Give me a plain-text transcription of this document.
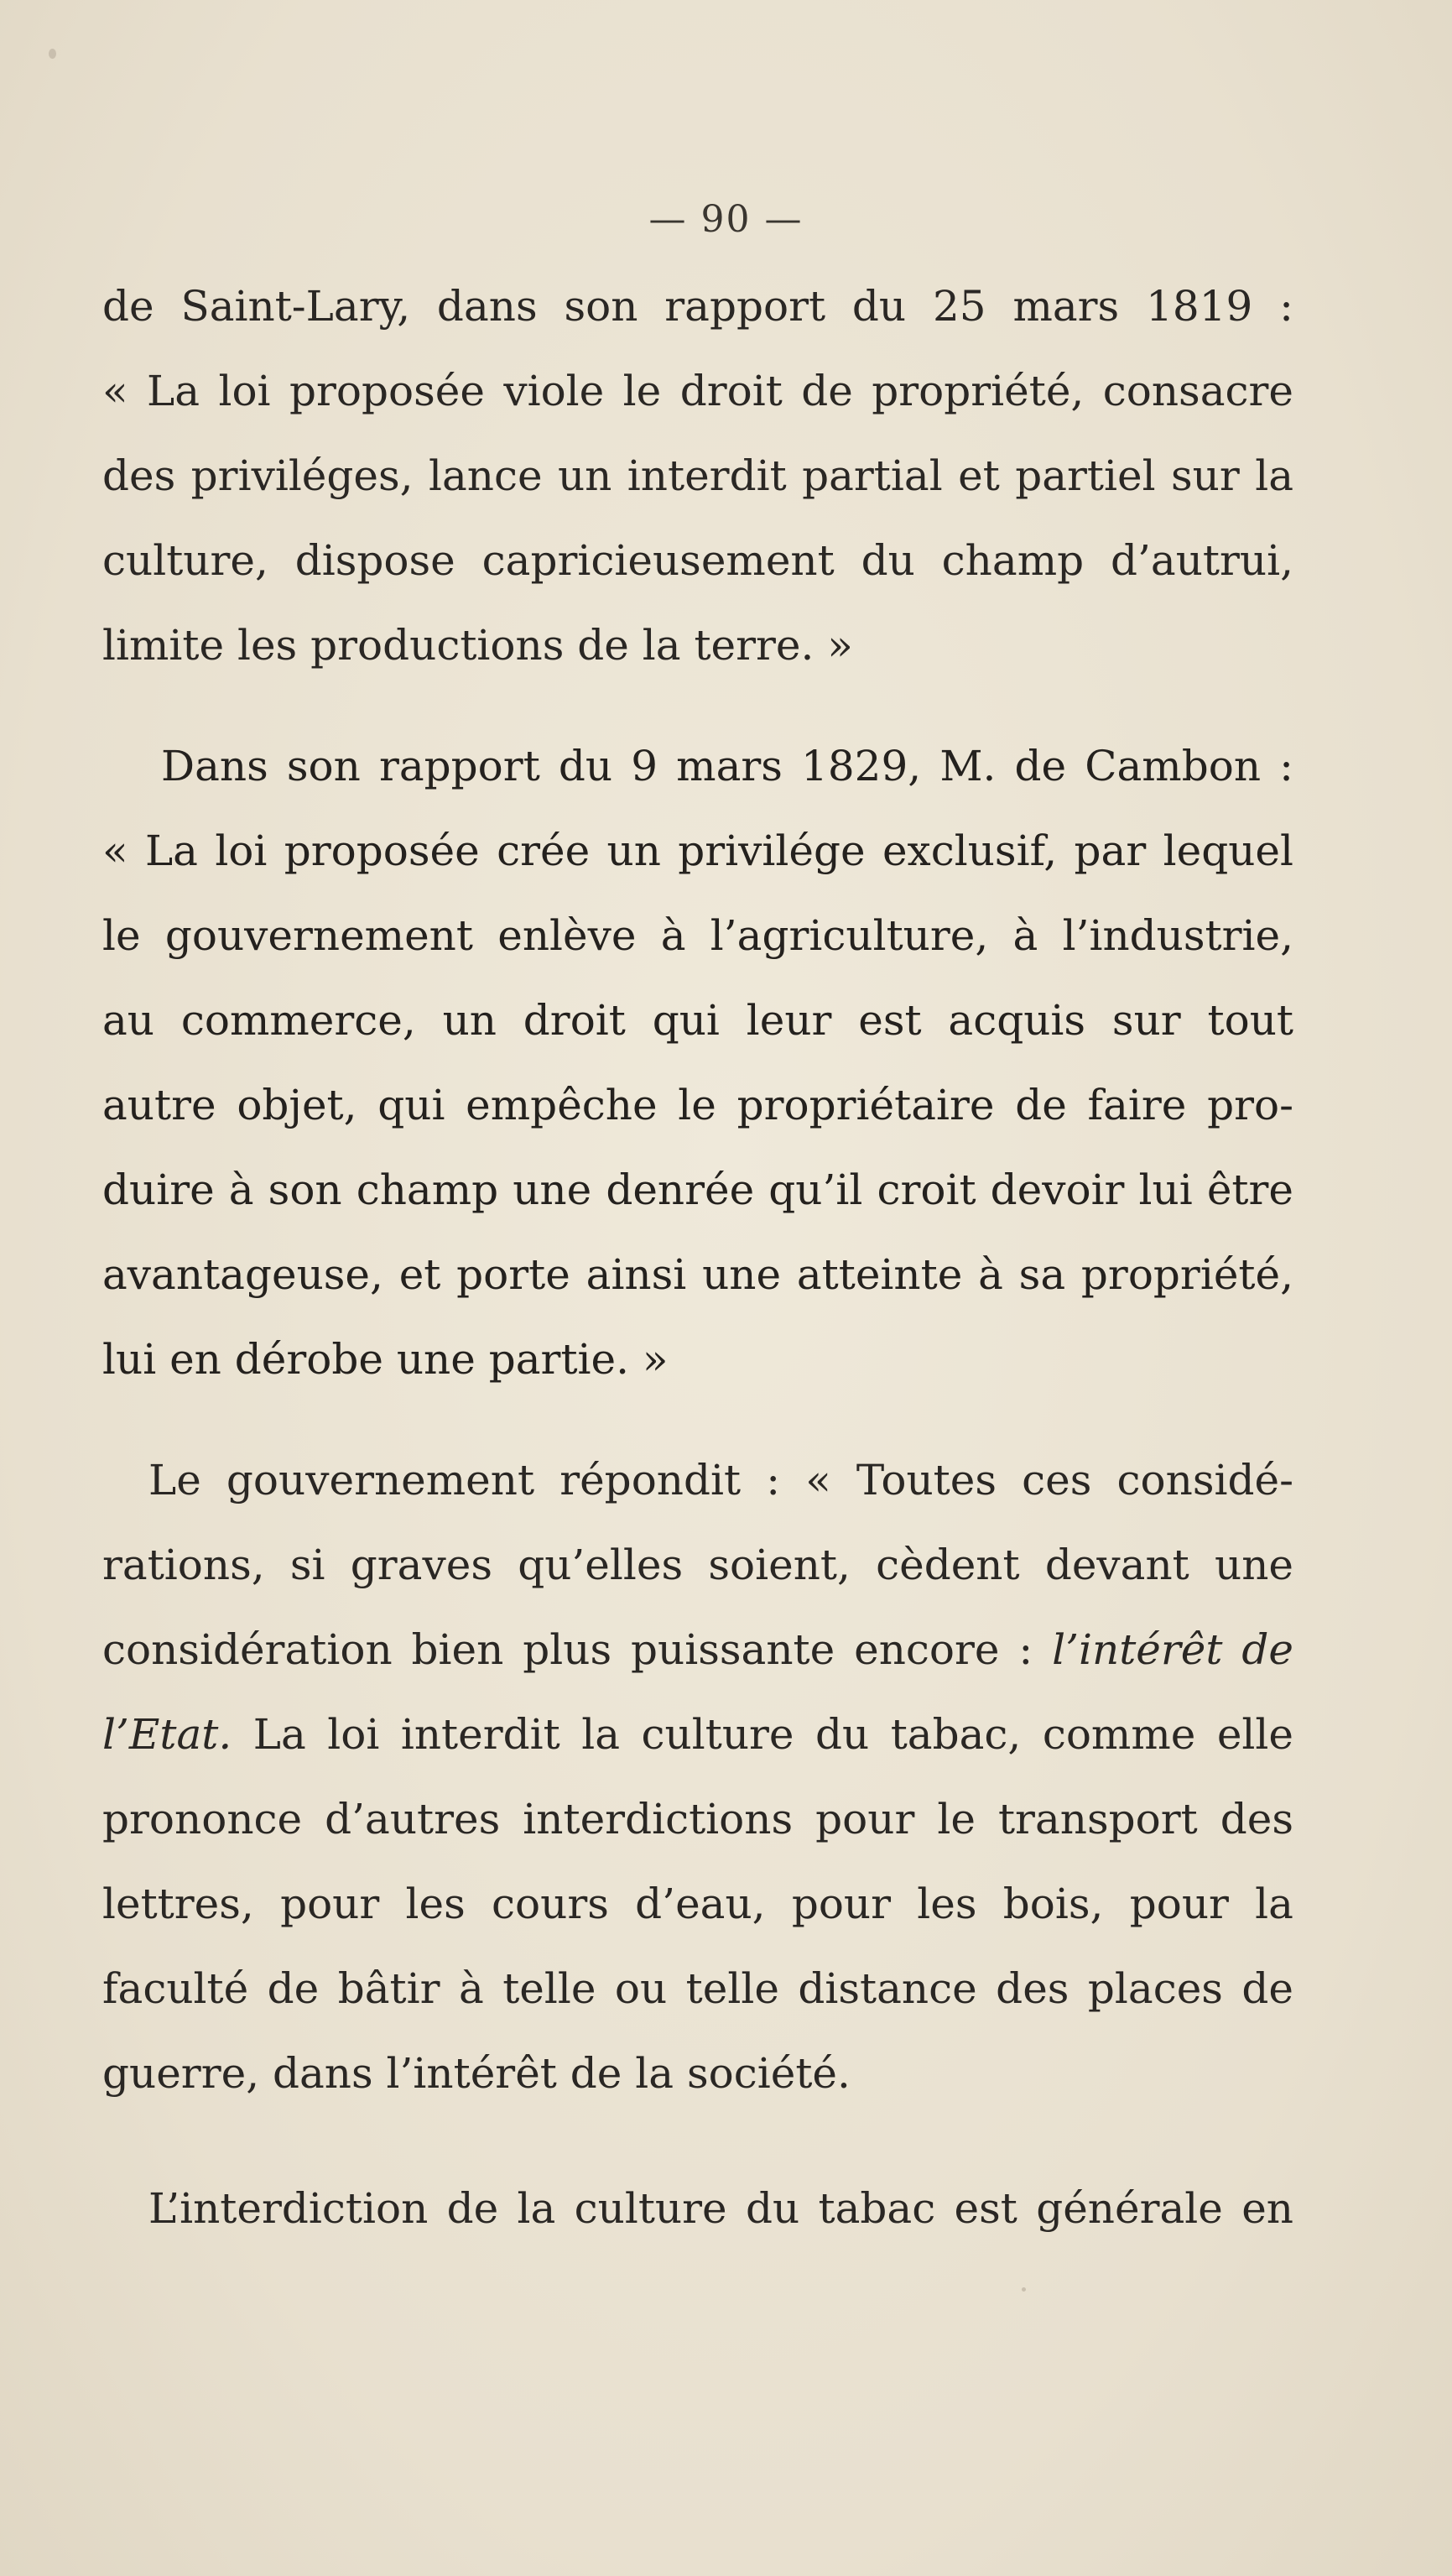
— 90 —
de Saint-Lary, dans son rapport du 25 mars 1819 :
« La loi proposée viole le droit de propriété, consacre
des priviléges, lance un interdit partial et partiel sur la
culture, dispose capricieusement du champ d’autrui,
limite les productions de la terre. »
Dans son rapport du 9 mars 1829, M. de Cambon :
« La loi proposée crée un privilége exclusif, par lequel
le gouvernement enlève à l’agriculture, à l’industrie,
au commerce, un droit qui leur est acquis sur tout
autre objet, qui empêche le propriétaire de faire pro-
duire à son champ une denrée qu’il croit devoir lui être
avantageuse, et porte ainsi une atteinte à sa propriété,
lui en dérobe une partie. »
Le gouvernement répondit : « Toutes ces considé-
rations, si graves qu’elles soient, cèdent devant une
considération bien plus puissante encore : l’intérêt de
l’Etat. La loi interdit la culture du tabac, comme elle
prononce d’autres interdictions pour le transport des
lettres, pour les cours d’eau, pour les bois, pour la
faculté de bâtir à telle ou telle distance des places de
guerre, dans l’intérêt de la société.
L’interdiction de la culture du tabac est générale en
